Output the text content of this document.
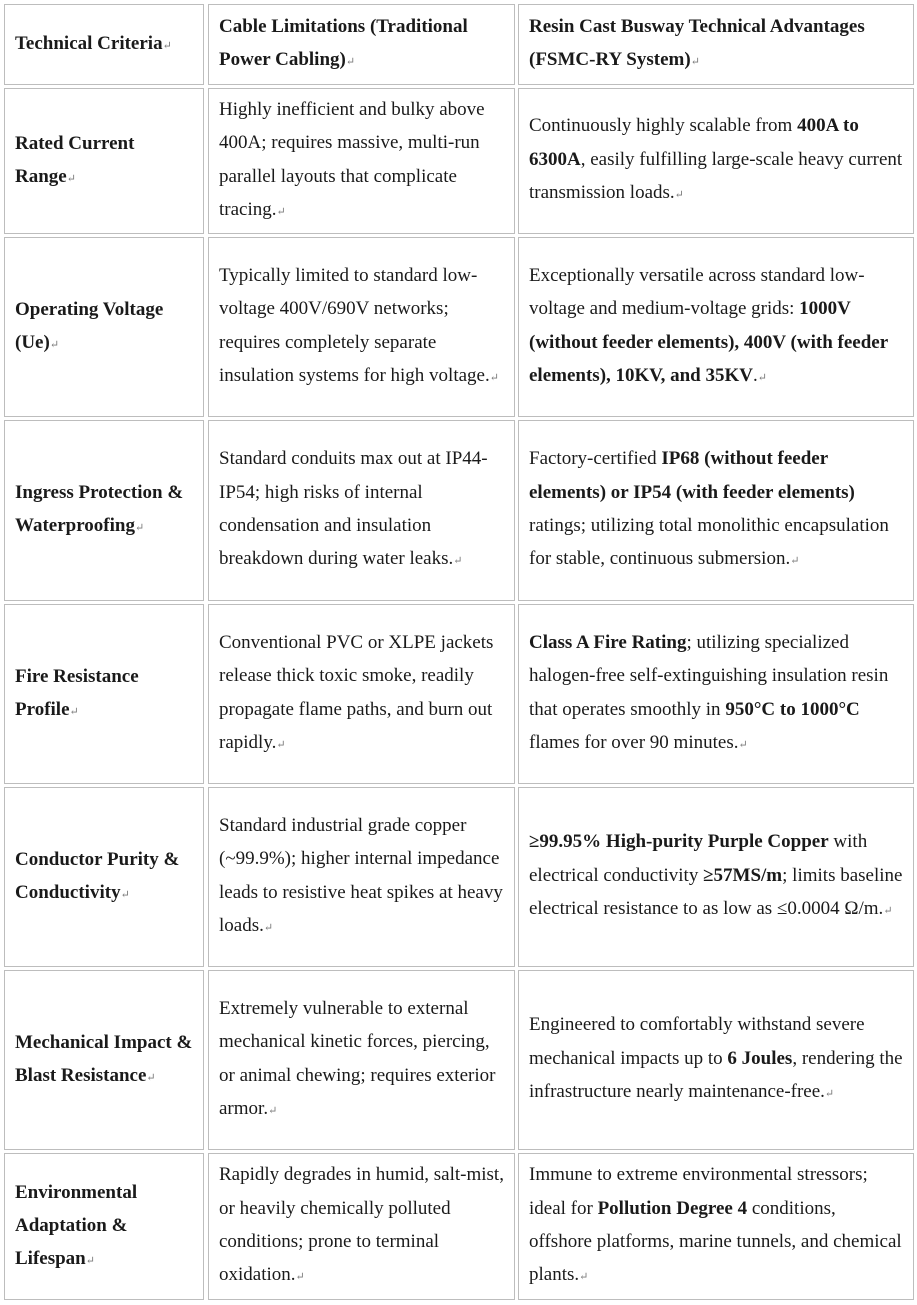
Technical Criteria↵
Cable Limitations (Traditional Power Cabling)↵
Resin Cast Busway Technical Advantages (FSMC-RY System)↵
Rated Current Range↵
Highly inefficient and bulky above 400A; requires massive, multi-run parallel layouts that complicate tracing.↵
Continuously highly scalable from 400A to 6300A, easily fulfilling large-scale heavy current transmission loads.↵
Operating Voltage (Ue)↵
Typically limited to standard low-voltage 400V/690V networks; requires completely separate insulation systems for high voltage.↵
Exceptionally versatile across standard low-voltage and medium-voltage grids: 1000V (without feeder elements), 400V (with feeder elements), 10KV, and 35KV.↵
Ingress Protection & Waterproofing↵
Standard conduits max out at IP44-IP54; high risks of internal condensation and insulation breakdown during water leaks.↵
Factory-certified IP68 (without feeder elements) or IP54 (with feeder elements) ratings; utilizing total monolithic encapsulation for stable, continuous submersion.↵
Fire Resistance Profile↵
Conventional PVC or XLPE jackets release thick toxic smoke, readily propagate flame paths, and burn out rapidly.↵
Class A Fire Rating; utilizing specialized halogen-free self-extinguishing insulation resin that operates smoothly in 950°C to 1000°C flames for over 90 minutes.↵
Conductor Purity & Conductivity↵
Standard industrial grade copper (~99.9%); higher internal impedance leads to resistive heat spikes at heavy loads.↵
≥99.95% High-purity Purple Copper with electrical conductivity ≥57MS/m; limits baseline electrical resistance to as low as ≤0.0004 Ω/m.↵
Mechanical Impact & Blast Resistance↵
Extremely vulnerable to external mechanical kinetic forces, piercing, or animal chewing; requires exterior armor.↵
Engineered to comfortably withstand severe mechanical impacts up to 6 Joules, rendering the infrastructure nearly maintenance-free.↵
Environmental Adaptation & Lifespan↵
Rapidly degrades in humid, salt-mist, or heavily chemically polluted conditions; prone to terminal oxidation.↵
Immune to extreme environmental stressors; ideal for Pollution Degree 4 conditions, offshore platforms, marine tunnels, and chemical plants.↵
